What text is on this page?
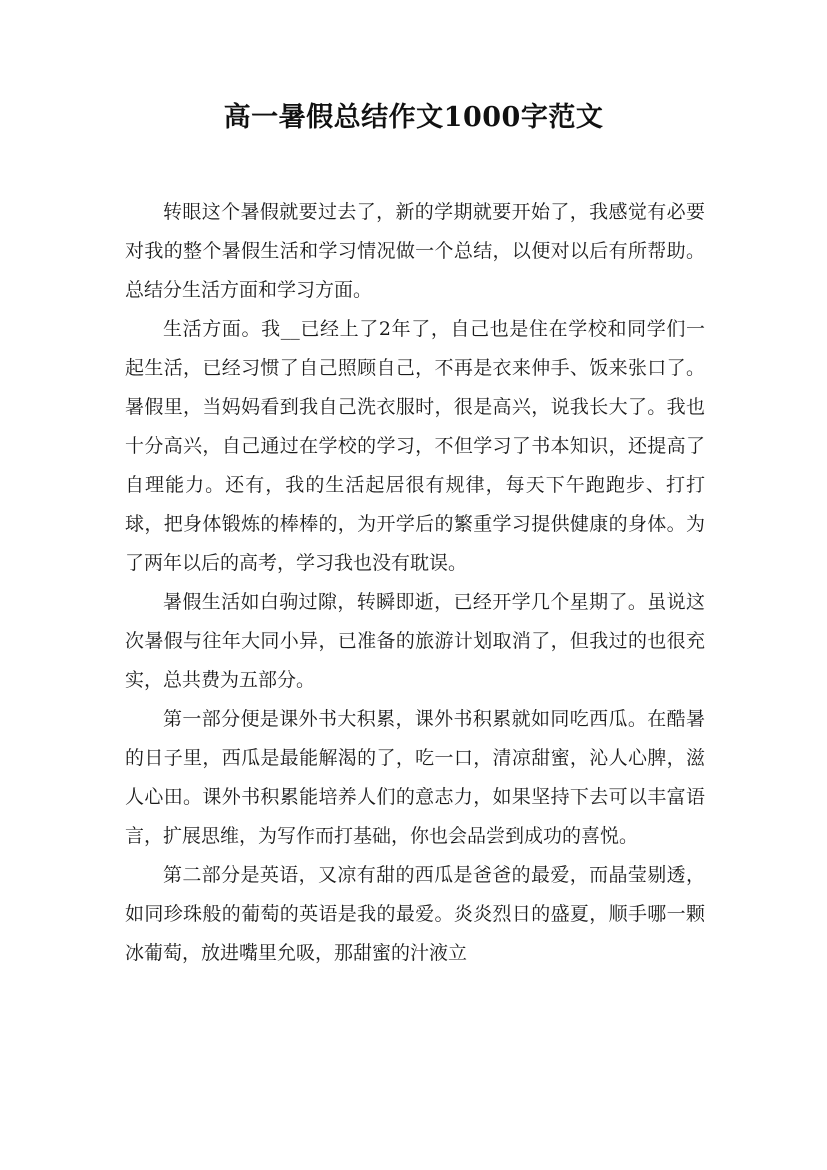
高一暑假总结作文1000字范文

转眼这个暑假就要过去了，新的学期就要开始了，我感觉有必要对我的整个暑假生活和学习情况做一个总结，以便对以后有所帮助。总结分生活方面和学习方面。

生活方面。我__已经上了2年了，自己也是住在学校和同学们一起生活，已经习惯了自己照顾自己，不再是衣来伸手、饭来张口了。暑假里，当妈妈看到我自己洗衣服时，很是高兴，说我长大了。我也十分高兴，自己通过在学校的学习，不但学习了书本知识，还提高了自理能力。还有，我的生活起居很有规律，每天下午跑跑步、打打球，把身体锻炼的棒棒的，为开学后的繁重学习提供健康的身体。为了两年以后的高考，学习我也没有耽误。

暑假生活如白驹过隙，转瞬即逝，已经开学几个星期了。虽说这次暑假与往年大同小异，已准备的旅游计划取消了，但我过的也很充实，总共费为五部分。

第一部分便是课外书大积累，课外书积累就如同吃西瓜。在酷暑的日子里，西瓜是最能解渴的了，吃一口，清凉甜蜜，沁人心脾，滋人心田。课外书积累能培养人们的意志力，如果坚持下去可以丰富语言，扩展思维，为写作而打基础，你也会品尝到成功的喜悦。

第二部分是英语，又凉有甜的西瓜是爸爸的最爱，而晶莹剔透，如同珍珠般的葡萄的英语是我的最爱。炎炎烈日的盛夏，顺手哪一颗冰葡萄，放进嘴里允吸，那甜蜜的汁液立
